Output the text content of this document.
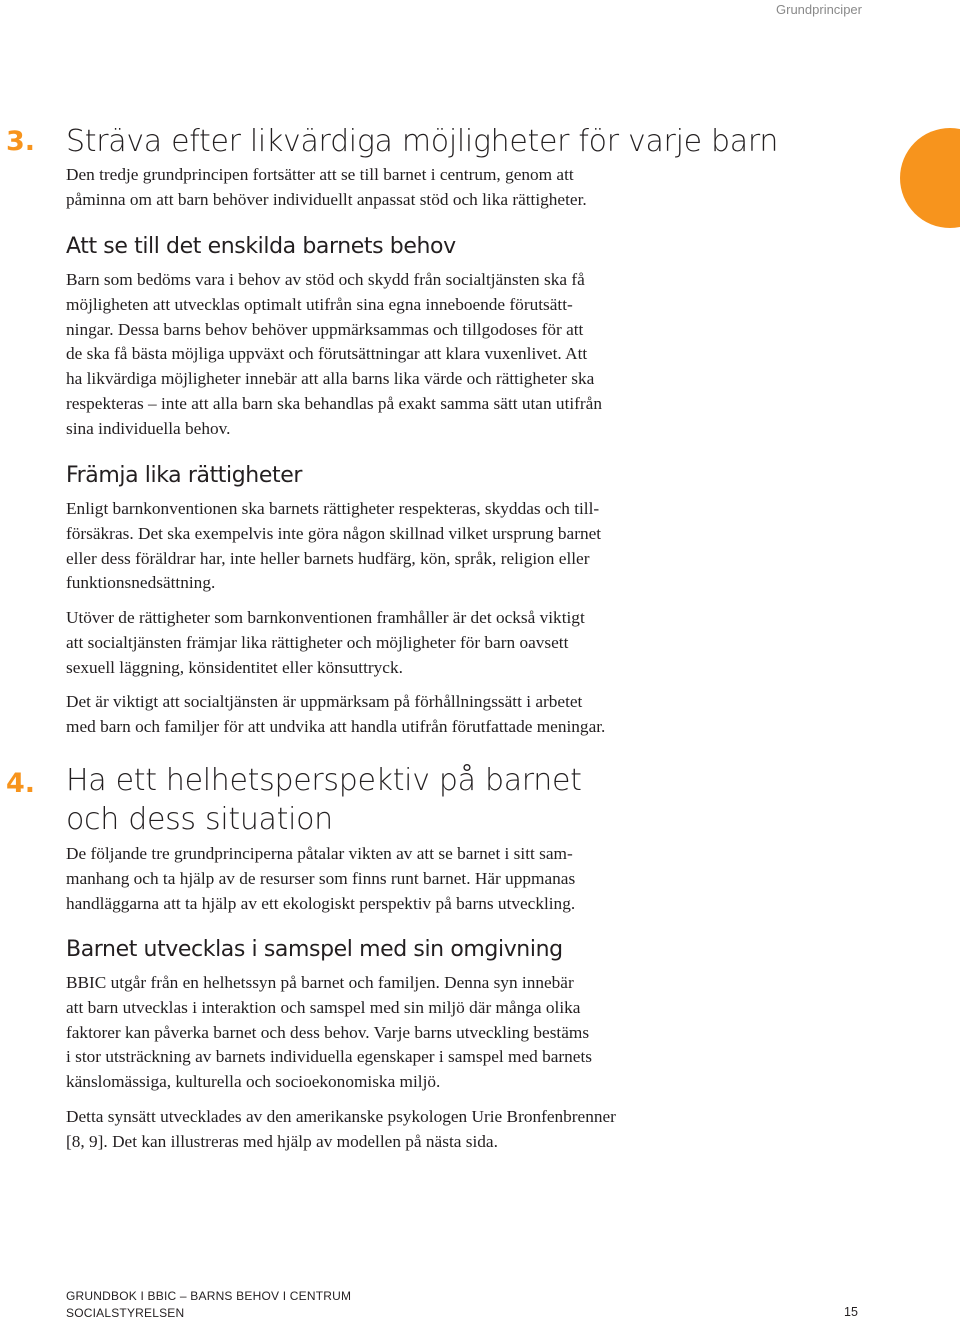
Grundprinciper
3. Sträva efter likvärdiga möjligheter för varje barn

Den tredje grundprincipen fortsätter att se till barnet i centrum, genom att
påminna om att barn behöver individuellt anpassat stöd och lika rättigheter.

Att se till det enskilda barnets behov

Barn som bedöms vara i behov av stöd och skydd från socialtjänsten ska få
möjligheten att utvecklas optimalt utifrån sina egna inneboende förutsätt-
ningar. Dessa barns behov behöver uppmärksammas och tillgodoses för att
de ska få bästa möjliga uppväxt och förutsättningar att klara vuxenlivet. Att
ha likvärdiga möjligheter innebär att alla barns lika värde och rättigheter ska
respekteras – inte att alla barn ska behandlas på exakt samma sätt utan utifrån
sina individuella behov.

Främja lika rättigheter

Enligt barnkonventionen ska barnets rättigheter respekteras, skyddas och till-
försäkras. Det ska exempelvis inte göra någon skillnad vilket ursprung barnet
eller dess föräldrar har, inte heller barnets hudfärg, kön, språk, religion eller
funktionsnedsättning.

Utöver de rättigheter som barnkonventionen framhåller är det också viktigt
att socialtjänsten främjar lika rättigheter och möjligheter för barn oavsett
sexuell läggning, könsidentitet eller könsuttryck.

Det är viktigt att socialtjänsten är uppmärksam på förhållningssätt i arbetet
med barn och familjer för att undvika att handla utifrån förutfattade meningar.

4. Ha ett helhetsperspektiv på barnet
och dess situation

De följande tre grundprinciperna påtalar vikten av att se barnet i sitt sam-
manhang och ta hjälp av de resurser som finns runt barnet. Här uppmanas
handläggarna att ta hjälp av ett ekologiskt perspektiv på barns utveckling.

Barnet utvecklas i samspel med sin omgivning

BBIC utgår från en helhetssyn på barnet och familjen. Denna syn innebär
att barn utvecklas i interaktion och samspel med sin miljö där många olika
faktorer kan påverka barnet och dess behov. Varje barns utveckling bestäms
i stor utsträckning av barnets individuella egenskaper i samspel med barnets
känslomässiga, kulturella och socioekonomiska miljö.

Detta synsätt utvecklades av den amerikanske psykologen Urie Bronfenbrenner
[8, 9]. Det kan illustreras med hjälp av modellen på nästa sida.

GRUNDBOK I BBIC – BARNS BEHOV I CENTRUM
SOCIALSTYRELSEN	15
